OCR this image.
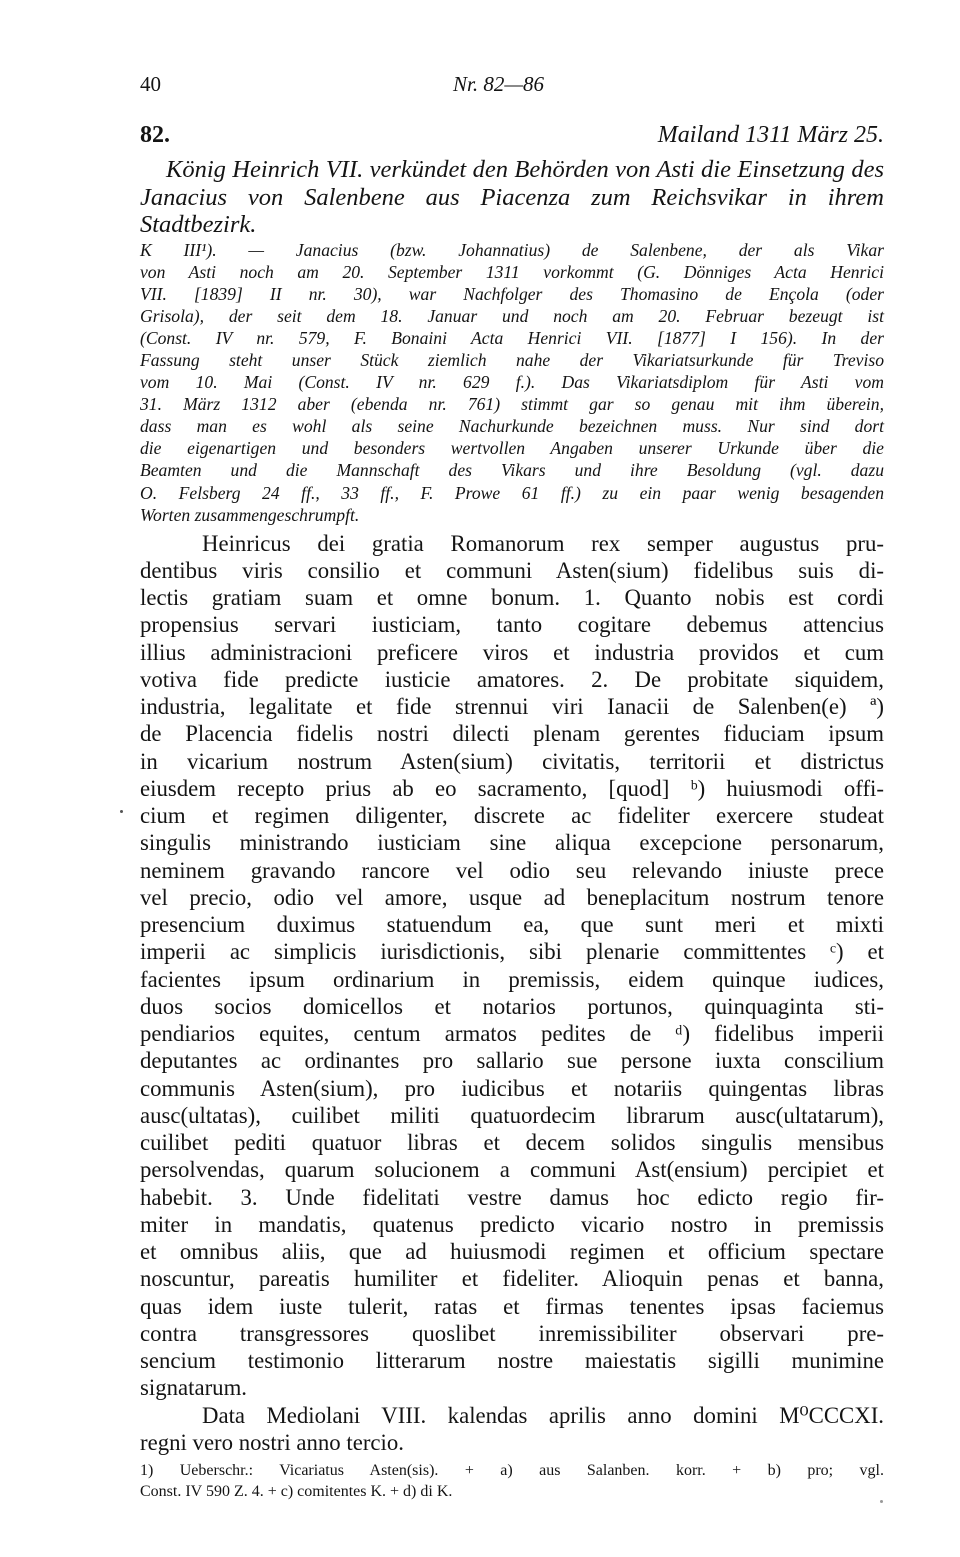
40	Nr. 82—86
82.	Mailand 1311 März 25.

König Heinrich VII. verkündet den Behörden von Asti die Einsetzung des Janacius von Salenbene aus Piacenza zum Reichsvikar in ihrem Stadtbezirk.

K III¹). — Janacius (bzw. Johannatius) de Salenbene, der als Vikar
von Asti noch am 20. September 1311 vorkommt (G. Dönniges Acta Henrici
VII. [1839] II nr. 30), war Nachfolger des Thomasino de Ençola (oder
Grisola), der seit dem 18. Januar und noch am 20. Februar bezeugt ist
(Const. IV nr. 579, F. Bonaini Acta Henrici VII. [1877] I 156). In der
Fassung steht unser Stück ziemlich nahe der Vikariatsurkunde für Treviso
vom 10. Mai (Const. IV nr. 629 f.). Das Vikariatsdiplom für Asti vom
31. März 1312 aber (ebenda nr. 761) stimmt gar so genau mit ihm überein,
dass man es wohl als seine Nachurkunde bezeichnen muss. Nur sind dort
die eigenartigen und besonders wertvollen Angaben unserer Urkunde über die
Beamten und die Mannschaft des Vikars und ihre Besoldung (vgl. dazu
O. Felsberg 24 ff., 33 ff., F. Prowe 61 ff.) zu ein paar wenig besagenden
Worten zusammengeschrumpft.
Heinricus dei gratia Romanorum rex semper augustus pru-
dentibus viris consilio et communi Asten(sium) fidelibus suis di-
lectis gratiam suam et omne bonum. 1. Quanto nobis est cordi
propensius servari iusticiam, tanto cogitare debemus attencius
illius administracioni preficere viros et industria providos et cum
votiva fide predicte iusticie amatores. 2. De probitate siquidem,
industria, legalitate et fide strennui viri Ianacii de Salenben(e) ª)
de Placencia fidelis nostri dilecti plenam gerentes fiduciam ipsum
in vicarium nostrum Asten(sium) civitatis, territorii et districtus
eiusdem recepto prius ab eo sacramento, [quod] ᵇ) huiusmodi offi-
cium et regimen diligenter, discrete ac fideliter exercere studeat
singulis ministrando iusticiam sine aliqua excepcione personarum,
neminem gravando rancore vel odio seu relevando iniuste prece
vel precio, odio vel amore, usque ad beneplacitum nostrum tenore
presencium duximus statuendum ea, que sunt meri et mixti
imperii ac simplicis iurisdictionis, sibi plenarie committentes ᶜ) et
facientes ipsum ordinarium in premissis, eidem quinque iudices,
duos socios domicellos et notarios portunos, quinquaginta sti-
pendiarios equites, centum armatos pedites de ᵈ) fidelibus imperii
deputantes ac ordinantes pro sallario sue persone iuxta conscilium
communis Asten(sium), pro iudicibus et notariis quingentas libras
ausc(ultatas), cuilibet militi quatuordecim librarum ausc(ultatarum),
cuilibet pediti quatuor libras et decem solidos singulis mensibus
persolvendas, quarum solucionem a communi Ast(ensium) percipiet et
habebit. 3. Unde fidelitati vestre damus hoc edicto regio fir-
miter in mandatis, quatenus predicto vicario nostro in premissis
et omnibus aliis, que ad huiusmodi regimen et officium spectare
noscuntur, pareatis humiliter et fideliter. Alioquin penas et banna,
quas idem iuste tulerit, ratas et firmas tenentes ipsas faciemus
contra transgressores quoslibet inremissibiliter observari pre-
sencium testimonio litterarum nostre maiestatis sigilli munimine
signatarum.
Data Mediolani VIII. kalendas aprilis anno domini M⁰CCCXI.
regni vero nostri anno tercio.
1) Ueberschr.: Vicariatus Asten(sis). + a) aus Salanben. korr. + b) pro; vgl.
Const. IV 590 Z. 4. + c) comitentes K. + d) di K.
